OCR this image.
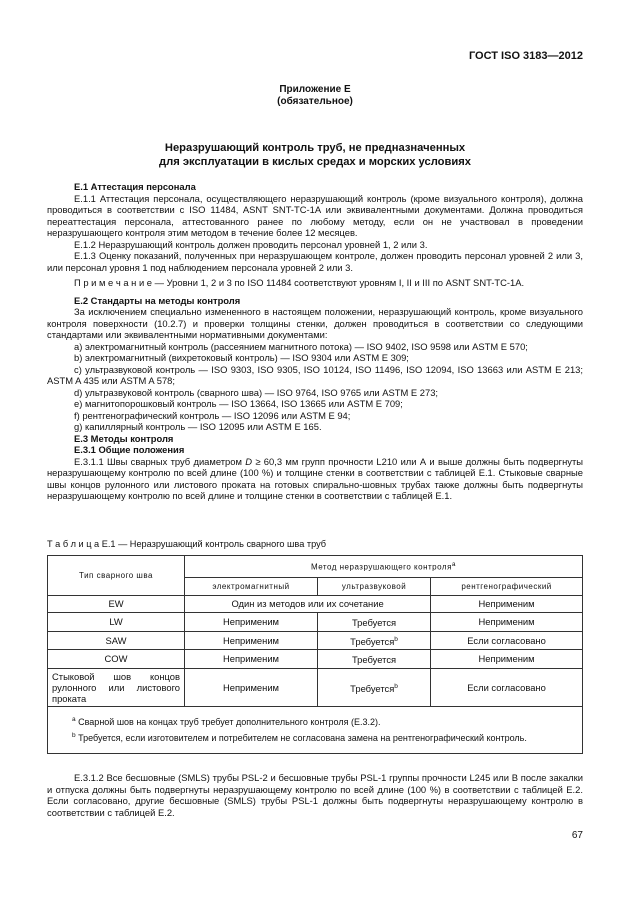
ГОСТ ISO 3183—2012
Приложение Е
(обязательное)
Неразрушающий контроль труб, не предназначенных
для эксплуатации в кислых средах и морских условиях

Е.1 Аттестация персонала

Е.1.1 Аттестация персонала, осуществляющего неразрушающий контроль (кроме визуального контроля), должна проводиться в соответствии с ISO 11484, ASNT SNT-TC-1A или эквивалентными документами. Должна проводиться переаттестация персонала, аттестованного ранее по любому методу, если он не участвовал в проведении неразрушающего контроля этим методом в течение более 12 месяцев.

Е.1.2 Неразрушающий контроль должен проводить персонал уровней 1, 2 или 3.

Е.1.3 Оценку показаний, полученных при неразрушающем контроле, должен проводить персонал уровней 2 или 3, или персонал уровня 1 под наблюдением персонала уровней 2 или 3.

П р и м е ч а н и е — Уровни 1, 2 и 3 по ISO 11484 соответствуют уровням I, II и III по ASNT SNT-TC-1A.

Е.2 Стандарты на методы контроля

За исключением специально измененного в настоящем положении, неразрушающий контроль, кроме визуального контроля поверхности (10.2.7) и проверки толщины стенки, должен проводиться в соответствии со следующими стандартами или эквивалентными нормативными документами:

a) электромагнитный контроль (рассеянием магнитного потока) — ISO 9402, ISO 9598 или ASTM E 570;

b) электромагнитный (вихретоковый контроль) — ISO 9304 или ASTM E 309;

c) ультразвуковой контроль — ISO 9303, ISO 9305, ISO 10124, ISO 11496, ISO 12094, ISO 13663 или ASTM E 213; ASTM A 435 или ASTM A 578;

d) ультразвуковой контроль (сварного шва) — ISO 9764, ISO 9765 или ASTM E 273;

e) магнитопорошковый контроль — ISO 13664, ISO 13665 или ASTM E 709;

f) рентгенографический контроль — ISO 12096 или ASTM E 94;

g) капиллярный контроль — ISO 12095 или ASTM E 165.

Е.3 Методы контроля

Е.3.1 Общие положения

Е.3.1.1 Швы сварных труб диаметром D ≥ 60,3 мм групп прочности L210 или А и выше должны быть подвергнуты неразрушающему контролю по всей длине (100 %) и толщине стенки в соответствии с таблицей Е.1. Стыковые сварные швы концов рулонного или листового проката на готовых спирально-шовных трубах также должны быть подвергнуты неразрушающему контролю по всей длине и толщине стенки в соответствии с таблицей Е.1.

Т а б л и ц а Е.1 — Неразрушающий контроль сварного шва труб
Тип сварного шва	Метод неразрушающего контроля$^a$
	электромагнитный	ультразвуковой	рентгенографический
EW	Один из методов или их сочетание		Неприменим
LW	Неприменим	Требуется	Неприменим
SAW	Неприменим	Требуется$^b$	Если согласовано
COW	Неприменим	Требуется	Неприменим
Стыковой шов концов рулонного или листового проката	Неприменим	Требуется$^b$	Если согласовано

$^a$ Сварной шов на концах труб требует дополнительного контроля (Е.3.2).
$^b$ Требуется, если изготовителем и потребителем не согласована замена на рентгенографический контроль.			

Е.3.1.2 Все бесшовные (SMLS) трубы PSL-2 и бесшовные трубы PSL-1 группы прочности L245 или В после закалки и отпуска должны быть подвергнуты неразрушающему контролю по всей длине (100 %) в соответствии с таблицей Е.2. Если согласовано, другие бесшовные (SMLS) трубы PSL-1 должны быть подвергнуты неразрушающему контролю в соответствии с таблицей Е.2.

67
